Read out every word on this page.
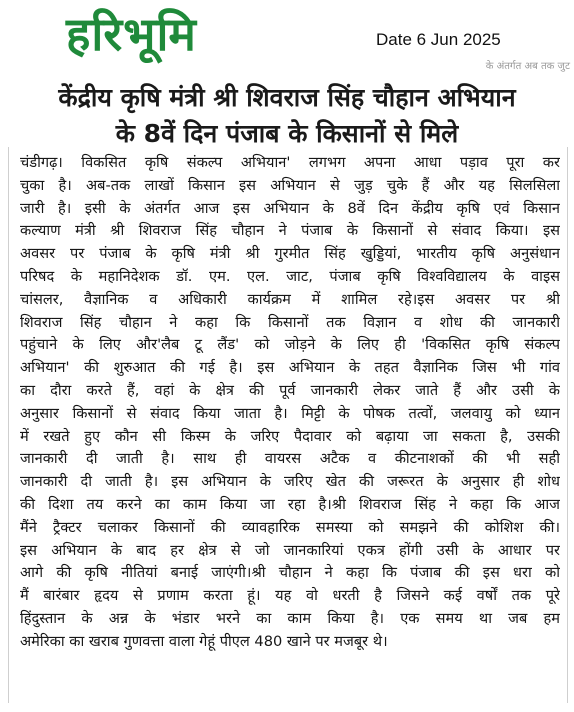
हरिभूमि	Date 6 Jun 2025
के अंतर्गत अब तक जुट
केंद्रीय कृषि मंत्री श्री शिवराज सिंह चौहान अभियान
के 8वें दिन पंजाब के किसानों से मिले
चंडीगढ़। विकसित कृषि संकल्प अभियान' लगभग अपना आधा पड़ाव पूरा कर
चुका है। अब-तक लाखों किसान इस अभियान से जुड़ चुके हैं और यह सिलसिला
जारी है। इसी के अंतर्गत आज इस अभियान के 8वें दिन केंद्रीय कृषि एवं किसान
कल्याण मंत्री श्री शिवराज सिंह चौहान ने पंजाब के किसानों से संवाद किया। इस
अवसर पर पंजाब के कृषि मंत्री श्री गुरमीत सिंह खुड्डियां, भारतीय कृषि अनुसंधान
परिषद के महानिदेशक डॉ. एम. एल. जाट, पंजाब कृषि विश्वविद्यालय के वाइस
चांसलर, वैज्ञानिक व अधिकारी कार्यक्रम में शामिल रहे।इस अवसर पर श्री
शिवराज सिंह चौहान ने कहा कि किसानों तक विज्ञान व शोध की जानकारी
पहुंचाने के लिए और'लैब टू लैंड' को जोड़ने के लिए ही 'विकसित कृषि संकल्प
अभियान' की शुरुआत की गई है। इस अभियान के तहत वैज्ञानिक जिस भी गांव
का दौरा करते हैं, वहां के क्षेत्र की पूर्व जानकारी लेकर जाते हैं और उसी के
अनुसार किसानों से संवाद किया जाता है। मिट्टी के पोषक तत्वों, जलवायु को ध्यान
में रखते हुए कौन सी किस्म के जरिए पैदावार को बढ़ाया जा सकता है, उसकी
जानकारी दी जाती है। साथ ही वायरस अटैक व कीटनाशकों की भी सही
जानकारी दी जाती है। इस अभियान के जरिए खेत की जरूरत के अनुसार ही शोध
की दिशा तय करने का काम किया जा रहा है।श्री शिवराज सिंह ने कहा कि आज
मैंने ट्रैक्टर चलाकर किसानों की व्यावहारिक समस्या को समझने की कोशिश की।
इस अभियान के बाद हर क्षेत्र से जो जानकारियां एकत्र होंगी उसी के आधार पर
आगे की कृषि नीतियां बनाई जाएंगी।श्री चौहान ने कहा कि पंजाब की इस धरा को
मैं बारंबार हृदय से प्रणाम करता हूं। यह वो धरती है जिसने कई वर्षों तक पूरे
हिंदुस्तान के अन्न के भंडार भरने का काम किया है। एक समय था जब हम
अमेरिका का खराब गुणवत्ता वाला गेहूं पीएल 480 खाने पर मजबूर थे।
